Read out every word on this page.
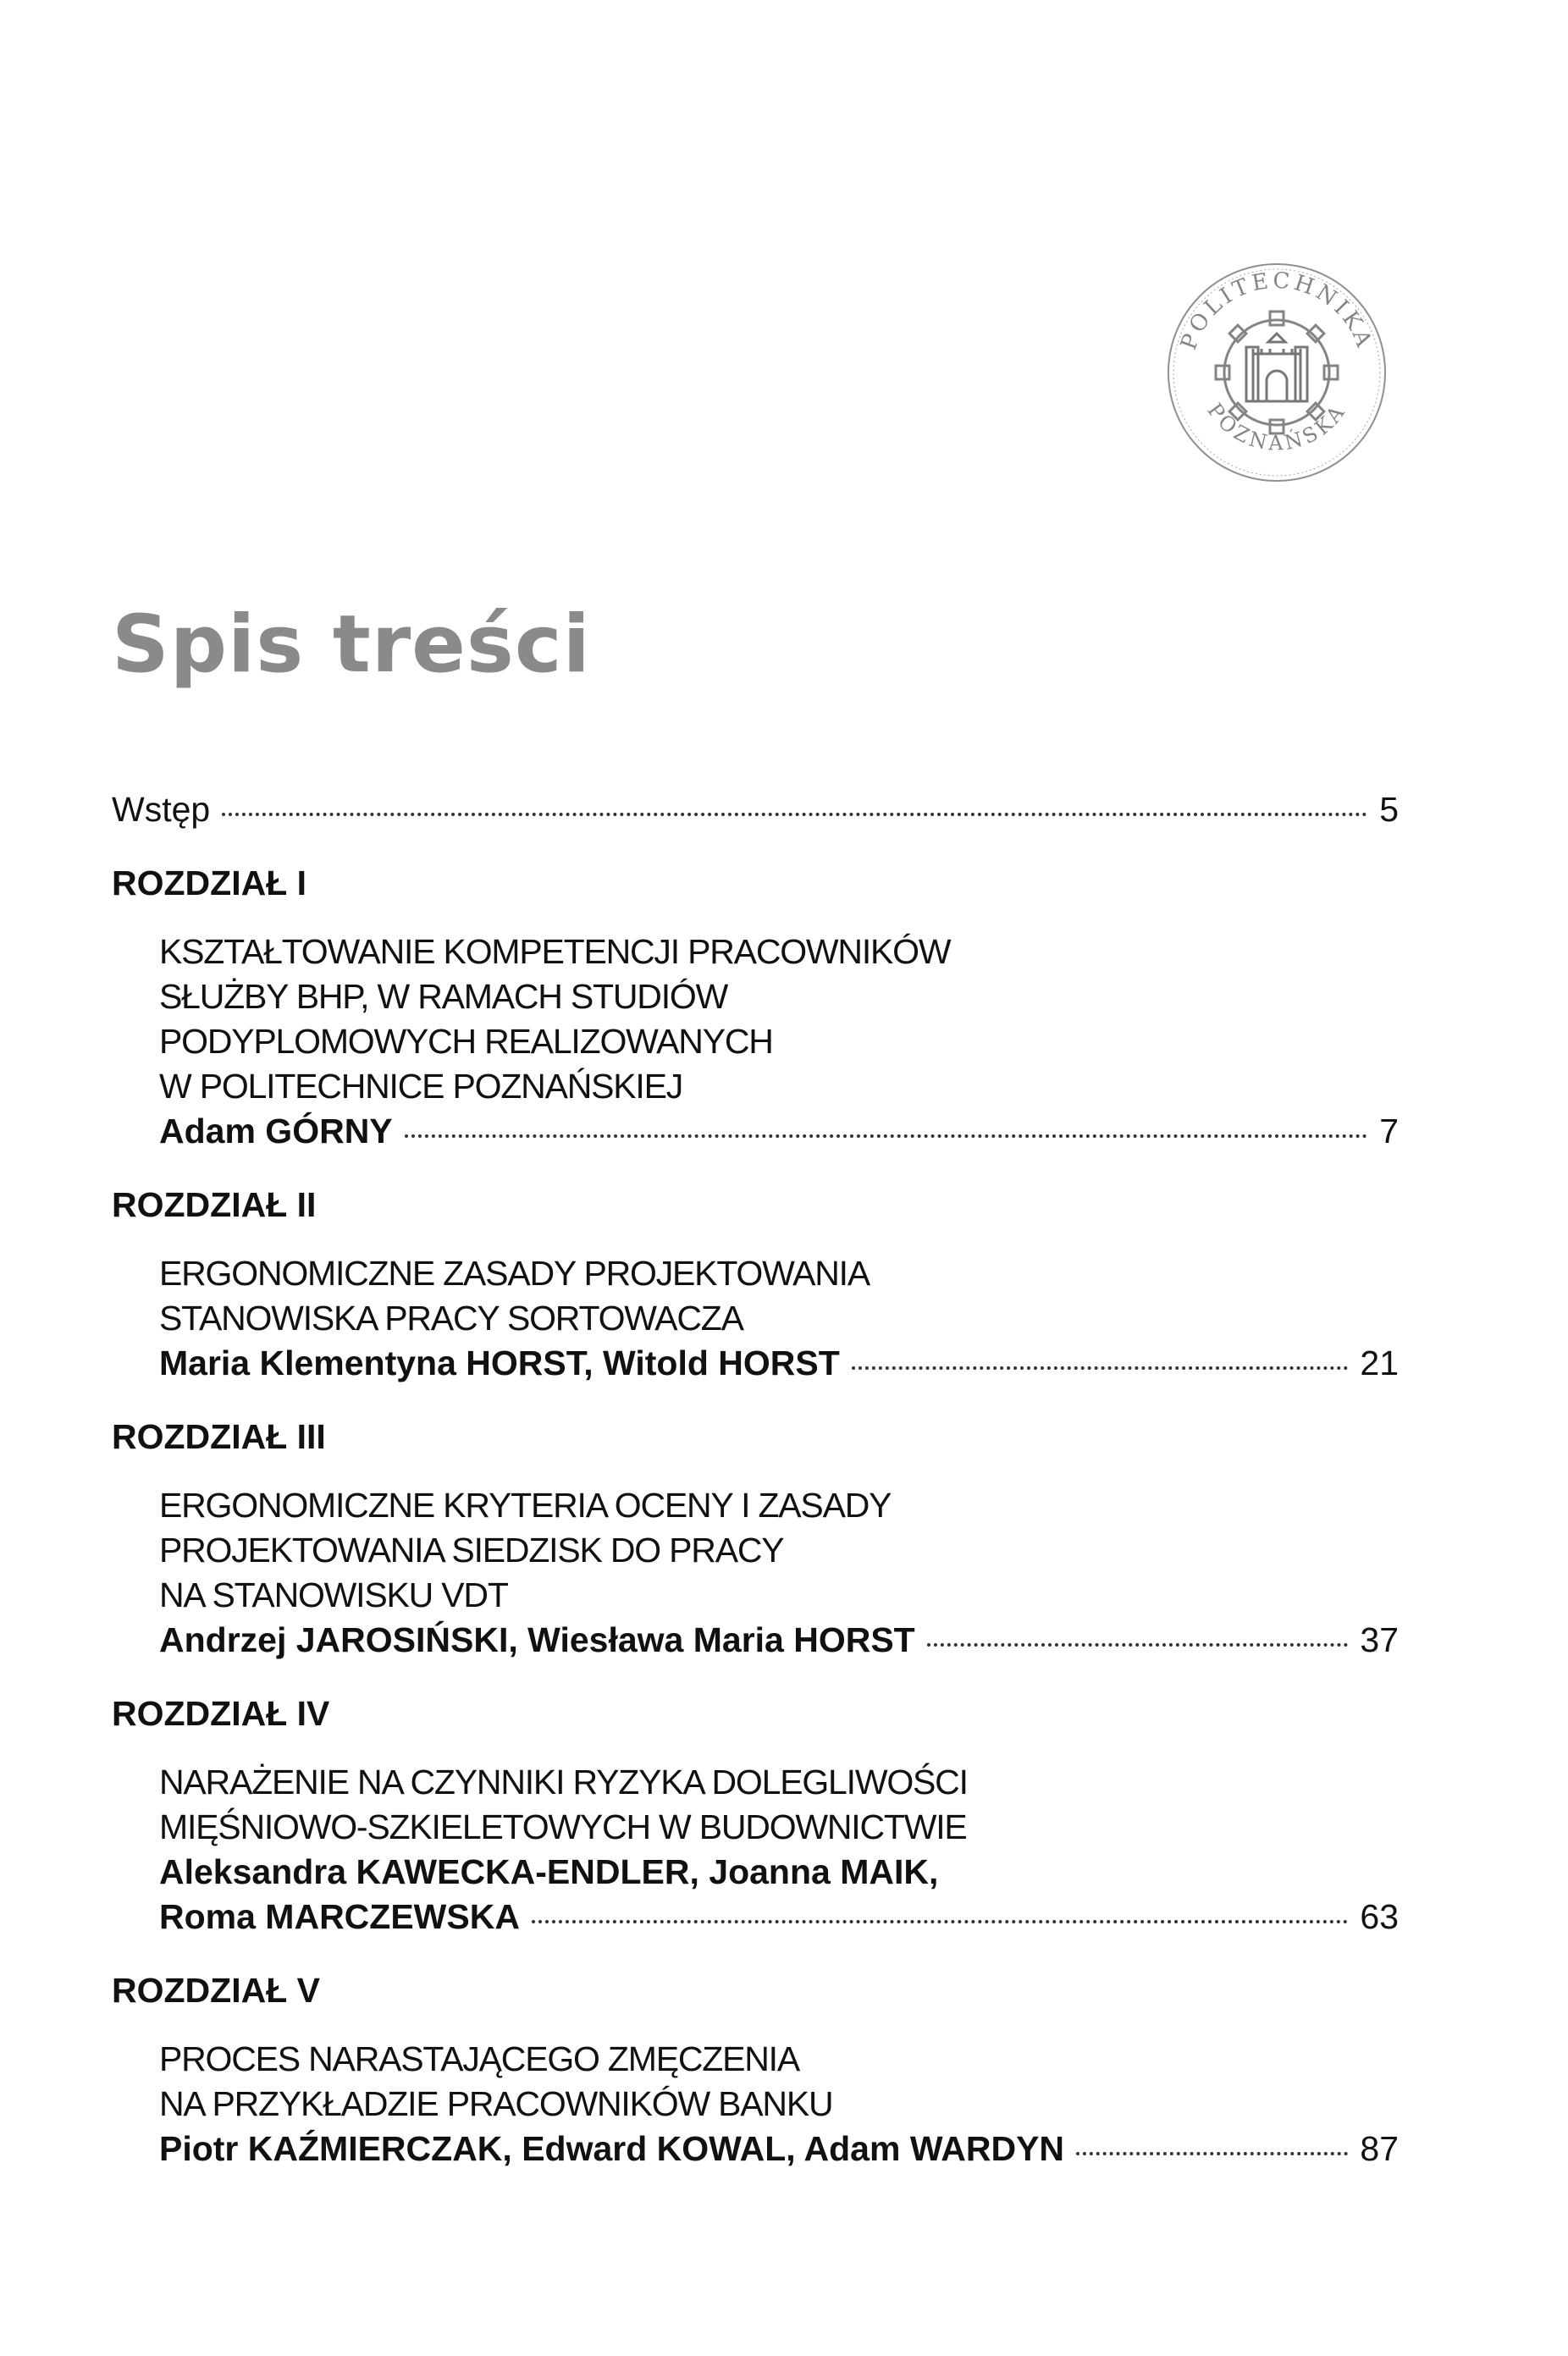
POLITECHNIKA
POZNAŃSKA
Spis treści
Wstęp	5
ROZDZIAŁ I
KSZTAŁTOWANIE KOMPETENCJI PRACOWNIKÓW
SŁUŻBY BHP, W RAMACH STUDIÓW
PODYPLOMOWYCH REALIZOWANYCH
W POLITECHNICE POZNAŃSKIEJ
Adam GÓRNY	7
ROZDZIAŁ II
ERGONOMICZNE ZASADY PROJEKTOWANIA
STANOWISKA PRACY SORTOWACZA
Maria Klementyna HORST, Witold HORST	21
ROZDZIAŁ III
ERGONOMICZNE KRYTERIA OCENY I ZASADY
PROJEKTOWANIA SIEDZISK DO PRACY
NA STANOWISKU VDT
Andrzej JAROSIŃSKI, Wiesława Maria HORST	37
ROZDZIAŁ IV
NARAŻENIE NA CZYNNIKI RYZYKA DOLEGLIWOŚCI
MIĘŚNIOWO-SZKIELETOWYCH W BUDOWNICTWIE
Aleksandra KAWECKA-ENDLER, Joanna MAIK,
Roma MARCZEWSKA	63
ROZDZIAŁ V
PROCES NARASTAJĄCEGO ZMĘCZENIA
NA PRZYKŁADZIE PRACOWNIKÓW BANKU
Piotr KAŹMIERCZAK, Edward KOWAL, Adam WARDYN	87
